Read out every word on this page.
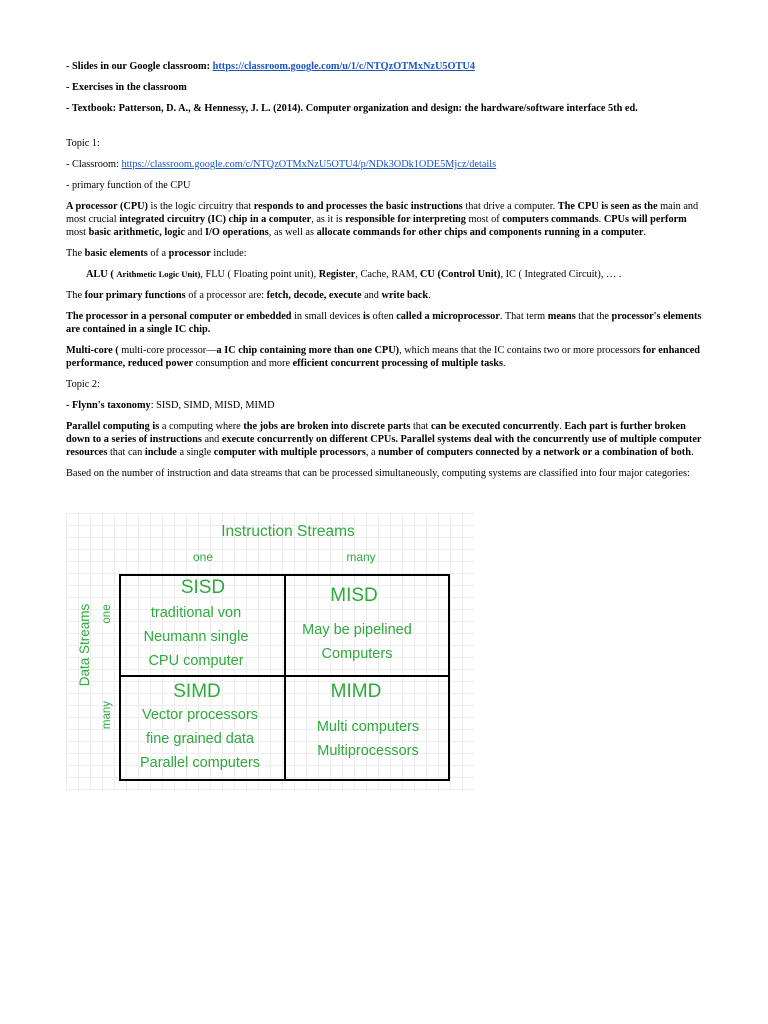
- Slides in our Google classroom: https://classroom.google.com/u/1/c/NTQzOTMxNzU5OTU4

- Exercises in the classroom

- Textbook: Patterson, D. A., & Hennessy, J. L. (2014). Computer organization and design: the hardware/software interface 5th ed.

Topic 1:

- Classroom: https://classroom.google.com/c/NTQzOTMxNzU5OTU4/p/NDk3ODk1ODE5Mjcz/details

- primary function of the CPU

A processor (CPU) is the logic circuitry that responds to and processes the basic instructions that drive a computer. The CPU is seen as the main and most crucial integrated circuitry (IC) chip in a computer, as it is responsible for interpreting most of computers commands. CPUs will perform most basic arithmetic, logic and I/O operations, as well as allocate commands for other chips and components running in a computer.

The basic elements of a processor include:

ALU ( Arithmetic Logic Unit), FLU ( Floating point unit), Register, Cache, RAM, CU (Control Unit), IC ( Integrated Circuit), … .

The four primary functions of a processor are: fetch, decode, execute and write back.

The processor in a personal computer or embedded in small devices is often called a microprocessor. That term means that the processor's elements are contained in a single IC chip.

Multi-core ( multi-core processor—a IC chip containing more than one CPU), which means that the IC contains two or more processors for enhanced performance, reduced power consumption and more efficient concurrent processing of multiple tasks.

Topic 2:

- Flynn's taxonomy: SISD, SIMD, MISD, MIMD

Parallel computing is a computing where the jobs are broken into discrete parts that can be executed concurrently. Each part is further broken down to a series of instructions and execute concurrently on different CPUs. Parallel systems deal with the concurrently use of multiple computer resources that can include a single computer with multiple processors, a number of computers connected by a network or a combination of both.

Based on the number of instruction and data streams that can be processed simultaneously, computing systems are classified into four major categories:

Instruction Streams
one	many
Data Streams one
many
SISD
traditional von
Neumann single
CPU computer
MISD
May be pipelined
Computers
SIMD
Vector processors
fine grained data
Parallel computers
MIMD
Multi computers
Multiprocessors
